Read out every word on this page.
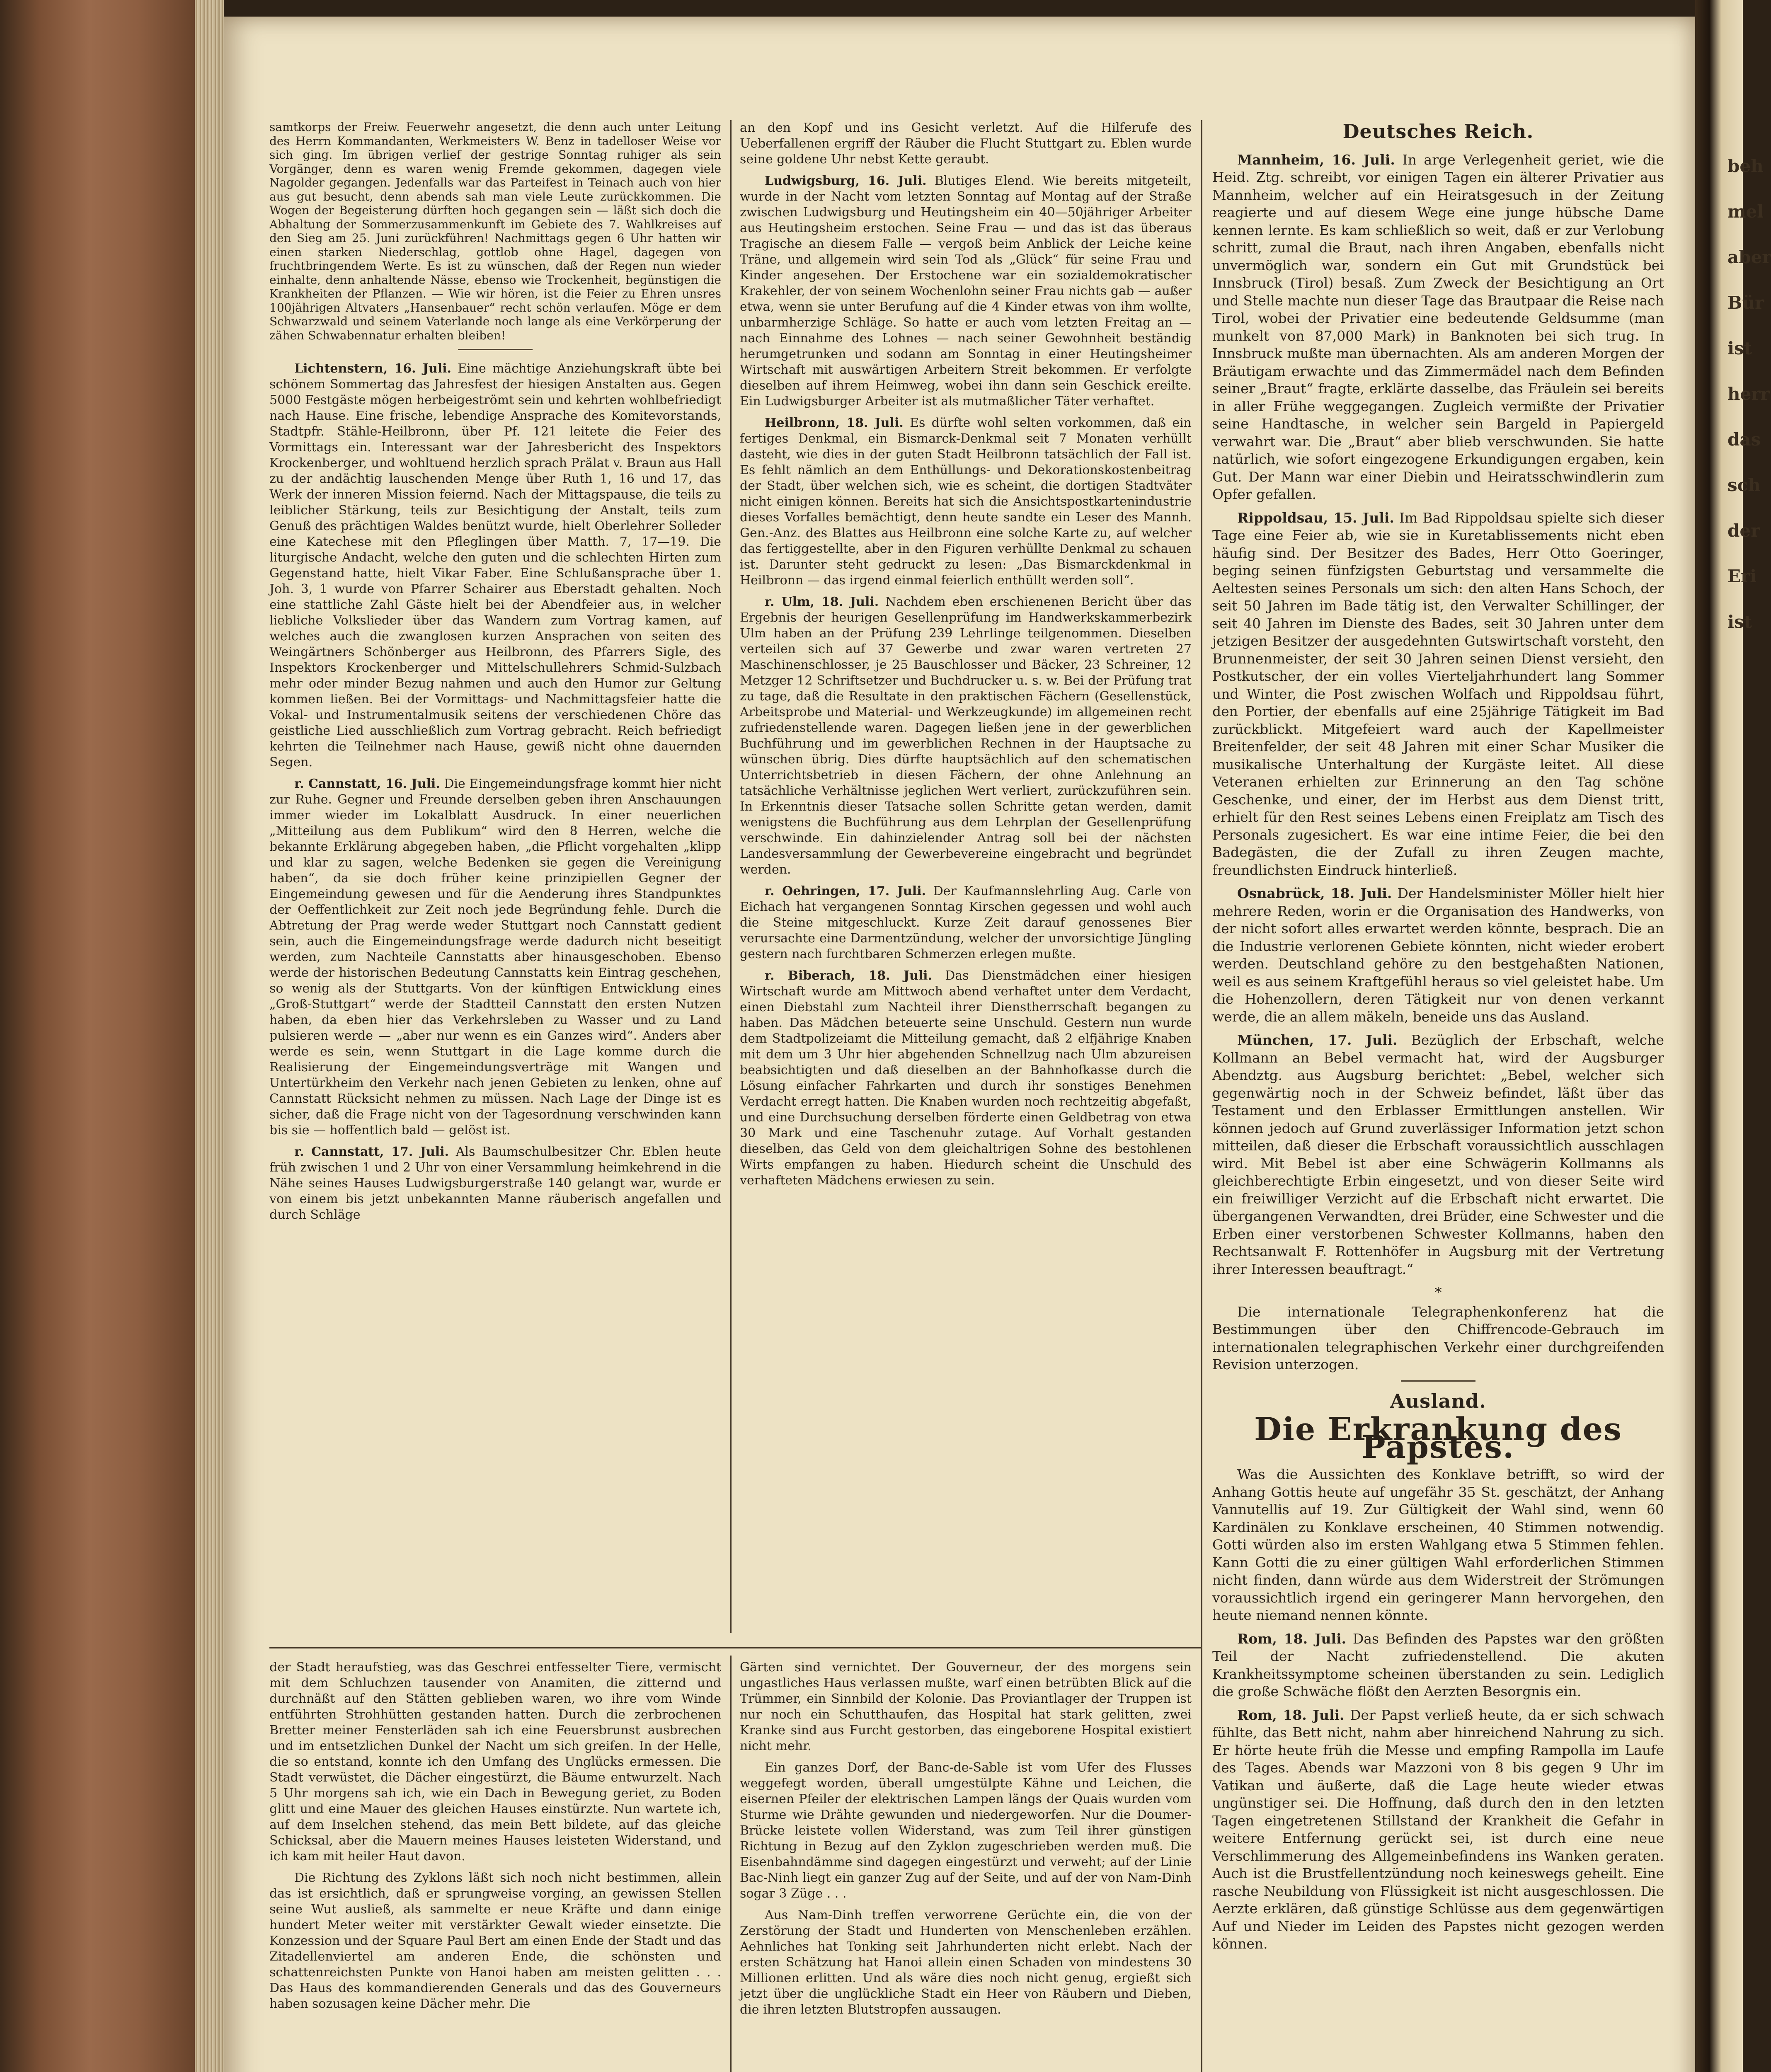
beh
mel
aber
Bür
ist
herr
das
sch
der
Eri
ist

samtkorps der Freiw. Feuerwehr angesetzt, die denn auch unter Leitung des Herrn Kommandanten, Werkmeisters W. Benz in tadelloser Weise vor sich ging. Im übrigen verlief der gestrige Sonntag ruhiger als sein Vorgänger, denn es waren wenig Fremde gekommen, dagegen viele Nagolder gegangen. Jedenfalls war das Parteifest in Teinach auch von hier aus gut besucht, denn abends sah man viele Leute zurückkommen. Die Wogen der Begeisterung dürften hoch gegangen sein — läßt sich doch die Abhaltung der Sommerzusammenkunft im Gebiete des 7. Wahlkreises auf den Sieg am 25. Juni zurückführen! Nachmittags gegen 6 Uhr hatten wir einen starken Niederschlag, gottlob ohne Hagel, dagegen von fruchtbringendem Werte. Es ist zu wünschen, daß der Regen nun wieder einhalte, denn anhaltende Nässe, ebenso wie Trockenheit, begünstigen die Krankheiten der Pflanzen. — Wie wir hören, ist die Feier zu Ehren unsres 100jährigen Altvaters „Hansenbauer“ recht schön verlaufen. Möge er dem Schwarzwald und seinem Vaterlande noch lange als eine Verkörperung der zähen Schwabennatur erhalten bleiben!

Lichtenstern, 16. Juli. Eine mächtige Anziehungskraft übte bei schönem Sommertag das Jahresfest der hiesigen Anstalten aus. Gegen 5000 Festgäste mögen herbeigeströmt sein und kehrten wohlbefriedigt nach Hause. Eine frische, lebendige Ansprache des Komitevorstands, Stadtpfr. Stähle-Heilbronn, über Pf. 121 leitete die Feier des Vormittags ein. Interessant war der Jahresbericht des Inspektors Krockenberger, und wohltuend herzlich sprach Prälat v. Braun aus Hall zu der andächtig lauschenden Menge über Ruth 1, 16 und 17, das Werk der inneren Mission feiernd. Nach der Mittagspause, die teils zu leiblicher Stärkung, teils zur Besichtigung der Anstalt, teils zum Genuß des prächtigen Waldes benützt wurde, hielt Oberlehrer Solleder eine Katechese mit den Pfleglingen über Matth. 7, 17—19. Die liturgische Andacht, welche den guten und die schlechten Hirten zum Gegenstand hatte, hielt Vikar Faber. Eine Schlußansprache über 1. Joh. 3, 1 wurde von Pfarrer Schairer aus Eberstadt gehalten. Noch eine stattliche Zahl Gäste hielt bei der Abendfeier aus, in welcher liebliche Volkslieder über das Wandern zum Vortrag kamen, auf welches auch die zwanglosen kurzen Ansprachen von seiten des Weingärtners Schönberger aus Heilbronn, des Pfarrers Sigle, des Inspektors Krockenberger und Mittelschullehrers Schmid-Sulzbach mehr oder minder Bezug nahmen und auch den Humor zur Geltung kommen ließen. Bei der Vormittags- und Nachmittagsfeier hatte die Vokal- und Instrumentalmusik seitens der verschiedenen Chöre das geistliche Lied ausschließlich zum Vortrag gebracht. Reich befriedigt kehrten die Teilnehmer nach Hause, gewiß nicht ohne dauernden Segen.

r. Cannstatt, 16. Juli. Die Eingemeindungsfrage kommt hier nicht zur Ruhe. Gegner und Freunde derselben geben ihren Anschauungen immer wieder im Lokalblatt Ausdruck. In einer neuerlichen „Mitteilung aus dem Publikum“ wird den 8 Herren, welche die bekannte Erklärung abgegeben haben, „die Pflicht vorgehalten „klipp und klar zu sagen, welche Bedenken sie gegen die Vereinigung haben“, da sie doch früher keine prinzipiellen Gegner der Eingemeindung gewesen und für die Aenderung ihres Standpunktes der Oeffentlichkeit zur Zeit noch jede Begründung fehle. Durch die Abtretung der Prag werde weder Stuttgart noch Cannstatt gedient sein, auch die Eingemeindungsfrage werde dadurch nicht beseitigt werden, zum Nachteile Cannstatts aber hinausgeschoben. Ebenso werde der historischen Bedeutung Cannstatts kein Eintrag geschehen, so wenig als der Stuttgarts. Von der künftigen Entwicklung eines „Groß-Stuttgart“ werde der Stadtteil Cannstatt den ersten Nutzen haben, da eben hier das Verkehrsleben zu Wasser und zu Land pulsieren werde — „aber nur wenn es ein Ganzes wird“. Anders aber werde es sein, wenn Stuttgart in die Lage komme durch die Realisierung der Eingemeindungsverträge mit Wangen und Untertürkheim den Verkehr nach jenen Gebieten zu lenken, ohne auf Cannstatt Rücksicht nehmen zu müssen. Nach Lage der Dinge ist es sicher, daß die Frage nicht von der Tagesordnung verschwinden kann bis sie — hoffentlich bald — gelöst ist.

r. Cannstatt, 17. Juli. Als Baumschulbesitzer Chr. Eblen heute früh zwischen 1 und 2 Uhr von einer Versammlung heimkehrend in die Nähe seines Hauses Ludwigsburgerstraße 140 gelangt war, wurde er von einem bis jetzt unbekannten Manne räuberisch angefallen und durch Schläge

an den Kopf und ins Gesicht verletzt. Auf die Hilferufe des Ueberfallenen ergriff der Räuber die Flucht Stuttgart zu. Eblen wurde seine goldene Uhr nebst Kette geraubt.

Ludwigsburg, 16. Juli. Blutiges Elend. Wie bereits mitgeteilt, wurde in der Nacht vom letzten Sonntag auf Montag auf der Straße zwischen Ludwigsburg und Heutingsheim ein 40—50jähriger Arbeiter aus Heutingsheim erstochen. Seine Frau — und das ist das überaus Tragische an diesem Falle — vergoß beim Anblick der Leiche keine Träne, und allgemein wird sein Tod als „Glück“ für seine Frau und Kinder angesehen. Der Erstochene war ein sozialdemokratischer Krakehler, der von seinem Wochenlohn seiner Frau nichts gab — außer etwa, wenn sie unter Berufung auf die 4 Kinder etwas von ihm wollte, unbarmherzige Schläge. So hatte er auch vom letzten Freitag an — nach Einnahme des Lohnes — nach seiner Gewohnheit beständig herumgetrunken und sodann am Sonntag in einer Heutingsheimer Wirtschaft mit auswärtigen Arbeitern Streit bekommen. Er verfolgte dieselben auf ihrem Heimweg, wobei ihn dann sein Geschick ereilte. Ein Ludwigsburger Arbeiter ist als mutmaßlicher Täter verhaftet.

Heilbronn, 18. Juli. Es dürfte wohl selten vorkommen, daß ein fertiges Denkmal, ein Bismarck-Denkmal seit 7 Monaten verhüllt dasteht, wie dies in der guten Stadt Heilbronn tatsächlich der Fall ist. Es fehlt nämlich an dem Enthüllungs- und Dekorationskostenbeitrag der Stadt, über welchen sich, wie es scheint, die dortigen Stadtväter nicht einigen können. Bereits hat sich die Ansichtspostkartenindustrie dieses Vorfalles bemächtigt, denn heute sandte ein Leser des Mannh. Gen.-Anz. des Blattes aus Heilbronn eine solche Karte zu, auf welcher das fertiggestellte, aber in den Figuren verhüllte Denkmal zu schauen ist. Darunter steht gedruckt zu lesen: „Das Bismarckdenkmal in Heilbronn — das irgend einmal feierlich enthüllt werden soll“.

r. Ulm, 18. Juli. Nachdem eben erschienenen Bericht über das Ergebnis der heurigen Gesellenprüfung im Handwerkskammerbezirk Ulm haben an der Prüfung 239 Lehrlinge teilgenommen. Dieselben verteilen sich auf 37 Gewerbe und zwar waren vertreten 27 Maschinenschlosser, je 25 Bauschlosser und Bäcker, 23 Schreiner, 12 Metzger 12 Schriftsetzer und Buchdrucker u. s. w. Bei der Prüfung trat zu tage, daß die Resultate in den praktischen Fächern (Gesellenstück, Arbeitsprobe und Material- und Werkzeugkunde) im allgemeinen recht zufriedenstellende waren. Dagegen ließen jene in der gewerblichen Buchführung und im gewerblichen Rechnen in der Hauptsache zu wünschen übrig. Dies dürfte hauptsächlich auf den schematischen Unterrichtsbetrieb in diesen Fächern, der ohne Anlehnung an tatsächliche Verhältnisse jeglichen Wert verliert, zurückzuführen sein. In Erkenntnis dieser Tatsache sollen Schritte getan werden, damit wenigstens die Buchführung aus dem Lehrplan der Gesellenprüfung verschwinde. Ein dahinzielender Antrag soll bei der nächsten Landesversammlung der Gewerbevereine eingebracht und begründet werden.

r. Oehringen, 17. Juli. Der Kaufmannslehrling Aug. Carle von Eichach hat vergangenen Sonntag Kirschen gegessen und wohl auch die Steine mitgeschluckt. Kurze Zeit darauf genossenes Bier verursachte eine Darmentzündung, welcher der unvorsichtige Jüngling gestern nach furchtbaren Schmerzen erlegen mußte.

r. Biberach, 18. Juli. Das Dienstmädchen einer hiesigen Wirtschaft wurde am Mittwoch abend verhaftet unter dem Verdacht, einen Diebstahl zum Nachteil ihrer Dienstherrschaft begangen zu haben. Das Mädchen beteuerte seine Unschuld. Gestern nun wurde dem Stadtpolizeiamt die Mitteilung gemacht, daß 2 elfjährige Knaben mit dem um 3 Uhr hier abgehenden Schnellzug nach Ulm abzureisen beabsichtigten und daß dieselben an der Bahnhofkasse durch die Lösung einfacher Fahrkarten und durch ihr sonstiges Benehmen Verdacht erregt hatten. Die Knaben wurden noch rechtzeitig abgefaßt, und eine Durchsuchung derselben förderte einen Geldbetrag von etwa 30 Mark und eine Taschenuhr zutage. Auf Vorhalt gestanden dieselben, das Geld von dem gleichaltrigen Sohne des bestohlenen Wirts empfangen zu haben. Hiedurch scheint die Unschuld des verhafteten Mädchens erwiesen zu sein.

Deutsches Reich.

Mannheim, 16. Juli. In arge Verlegenheit geriet, wie die Heid. Ztg. schreibt, vor einigen Tagen ein älterer Privatier aus Mannheim, welcher auf ein Heiratsgesuch in der Zeitung reagierte und auf diesem Wege eine junge hübsche Dame kennen lernte. Es kam schließlich so weit, daß er zur Verlobung schritt, zumal die Braut, nach ihren Angaben, ebenfalls nicht unvermöglich war, sondern ein Gut mit Grundstück bei Innsbruck (Tirol) besaß. Zum Zweck der Besichtigung an Ort und Stelle machte nun dieser Tage das Brautpaar die Reise nach Tirol, wobei der Privatier eine bedeutende Geldsumme (man munkelt von 87,000 Mark) in Banknoten bei sich trug. In Innsbruck mußte man übernachten. Als am anderen Morgen der Bräutigam erwachte und das Zimmermädel nach dem Befinden seiner „Braut“ fragte, erklärte dasselbe, das Fräulein sei bereits in aller Frühe weggegangen. Zugleich vermißte der Privatier seine Handtasche, in welcher sein Bargeld in Papiergeld verwahrt war. Die „Braut“ aber blieb verschwunden. Sie hatte natürlich, wie sofort eingezogene Erkundigungen ergaben, kein Gut. Der Mann war einer Diebin und Heiratsschwindlerin zum Opfer gefallen.

Rippoldsau, 15. Juli. Im Bad Rippoldsau spielte sich dieser Tage eine Feier ab, wie sie in Kuretablissements nicht eben häufig sind. Der Besitzer des Bades, Herr Otto Goeringer, beging seinen fünfzigsten Geburtstag und versammelte die Aeltesten seines Personals um sich: den alten Hans Schoch, der seit 50 Jahren im Bade tätig ist, den Verwalter Schillinger, der seit 40 Jahren im Dienste des Bades, seit 30 Jahren unter dem jetzigen Besitzer der ausgedehnten Gutswirtschaft vorsteht, den Brunnenmeister, der seit 30 Jahren seinen Dienst versieht, den Postkutscher, der ein volles Vierteljahrhundert lang Sommer und Winter, die Post zwischen Wolfach und Rippoldsau führt, den Portier, der ebenfalls auf eine 25jährige Tätigkeit im Bad zurückblickt. Mitgefeiert ward auch der Kapellmeister Breitenfelder, der seit 48 Jahren mit einer Schar Musiker die musikalische Unterhaltung der Kurgäste leitet. All diese Veteranen erhielten zur Erinnerung an den Tag schöne Geschenke, und einer, der im Herbst aus dem Dienst tritt, erhielt für den Rest seines Lebens einen Freiplatz am Tisch des Personals zugesichert. Es war eine intime Feier, die bei den Badegästen, die der Zufall zu ihren Zeugen machte, freundlichsten Eindruck hinterließ.

Osnabrück, 18. Juli. Der Handelsminister Möller hielt hier mehrere Reden, worin er die Organisation des Handwerks, von der nicht sofort alles erwartet werden könnte, besprach. Die an die Industrie verlorenen Gebiete könnten, nicht wieder erobert werden. Deutschland gehöre zu den bestgehaßten Nationen, weil es aus seinem Kraftgefühl heraus so viel geleistet habe. Um die Hohenzollern, deren Tätigkeit nur von denen verkannt werde, die an allem mäkeln, beneide uns das Ausland.

München, 17. Juli. Bezüglich der Erbschaft, welche Kollmann an Bebel vermacht hat, wird der Augsburger Abendztg. aus Augsburg berichtet: „Bebel, welcher sich gegenwärtig noch in der Schweiz befindet, läßt über das Testament und den Erblasser Ermittlungen anstellen. Wir können jedoch auf Grund zuverlässiger Information jetzt schon mitteilen, daß dieser die Erbschaft voraussichtlich ausschlagen wird. Mit Bebel ist aber eine Schwägerin Kollmanns als gleichberechtigte Erbin eingesetzt, und von dieser Seite wird ein freiwilliger Verzicht auf die Erbschaft nicht erwartet. Die übergangenen Verwandten, drei Brüder, eine Schwester und die Erben einer verstorbenen Schwester Kollmanns, haben den Rechtsanwalt F. Rottenhöfer in Augsburg mit der Vertretung ihrer Interessen beauftragt.“

*

Die internationale Telegraphenkonferenz hat die Bestimmungen über den Chiffrencode-Gebrauch im internationalen telegraphischen Verkehr einer durchgreifenden Revision unterzogen.

Ausland.
Die Erkrankung des Papstes.

Was die Aussichten des Konklave betrifft, so wird der Anhang Gottis heute auf ungefähr 35 St. geschätzt, der Anhang Vannutellis auf 19. Zur Gültigkeit der Wahl sind, wenn 60 Kardinälen zu Konklave erscheinen, 40 Stimmen notwendig. Gotti würden also im ersten Wahlgang etwa 5 Stimmen fehlen. Kann Gotti die zu einer gültigen Wahl erforderlichen Stimmen nicht finden, dann würde aus dem Widerstreit der Strömungen voraussichtlich irgend ein geringerer Mann hervorgehen, den heute niemand nennen könnte.

Rom, 18. Juli. Das Befinden des Papstes war den größten Teil der Nacht zufriedenstellend. Die akuten Krankheitssymptome scheinen überstanden zu sein. Lediglich die große Schwäche flößt den Aerzten Besorgnis ein.

Rom, 18. Juli. Der Papst verließ heute, da er sich schwach fühlte, das Bett nicht, nahm aber hinreichend Nahrung zu sich. Er hörte heute früh die Messe und empfing Rampolla im Laufe des Tages. Abends war Mazzoni von 8 bis gegen 9 Uhr im Vatikan und äußerte, daß die Lage heute wieder etwas ungünstiger sei. Die Hoffnung, daß durch den in den letzten Tagen eingetretenen Stillstand der Krankheit die Gefahr in weitere Entfernung gerückt sei, ist durch eine neue Verschlimmerung des Allgemeinbefindens ins Wanken geraten. Auch ist die Brustfellentzündung noch keineswegs geheilt. Eine rasche Neubildung von Flüssigkeit ist nicht ausgeschlossen. Die Aerzte erklären, daß günstige Schlüsse aus dem gegenwärtigen Auf und Nieder im Leiden des Papstes nicht gezogen werden können.

der Stadt heraufstieg, was das Geschrei entfesselter Tiere, vermischt mit dem Schluchzen tausender von Anamiten, die zitternd und durchnäßt auf den Stätten geblieben waren, wo ihre vom Winde entführten Strohhütten gestanden hatten. Durch die zerbrochenen Bretter meiner Fensterläden sah ich eine Feuersbrunst ausbrechen und im entsetzlichen Dunkel der Nacht um sich greifen. In der Helle, die so entstand, konnte ich den Umfang des Unglücks ermessen. Die Stadt verwüstet, die Dächer eingestürzt, die Bäume entwurzelt. Nach 5 Uhr morgens sah ich, wie ein Dach in Bewegung geriet, zu Boden glitt und eine Mauer des gleichen Hauses einstürzte. Nun wartete ich, auf dem Inselchen stehend, das mein Bett bildete, auf das gleiche Schicksal, aber die Mauern meines Hauses leisteten Widerstand, und ich kam mit heiler Haut davon.

Die Richtung des Zyklons läßt sich noch nicht bestimmen, allein das ist ersichtlich, daß er sprungweise vorging, an gewissen Stellen seine Wut ausließ, als sammelte er neue Kräfte und dann einige hundert Meter weiter mit verstärkter Gewalt wieder einsetzte. Die Konzession und der Square Paul Bert am einen Ende der Stadt und das Zitadellenviertel am anderen Ende, die schönsten und schattenreichsten Punkte von Hanoi haben am meisten gelitten . . . Das Haus des kommandierenden Generals und das des Gouverneurs haben sozusagen keine Dächer mehr. Die

Gärten sind vernichtet. Der Gouverneur, der des morgens sein ungastliches Haus verlassen mußte, warf einen betrübten Blick auf die Trümmer, ein Sinnbild der Kolonie. Das Proviantlager der Truppen ist nur noch ein Schutthaufen, das Hospital hat stark gelitten, zwei Kranke sind aus Furcht gestorben, das eingeborene Hospital existiert nicht mehr.

Ein ganzes Dorf, der Banc-de-Sable ist vom Ufer des Flusses weggefegt worden, überall umgestülpte Kähne und Leichen, die eisernen Pfeiler der elektrischen Lampen längs der Quais wurden vom Sturme wie Drähte gewunden und niedergeworfen. Nur die Doumer-Brücke leistete vollen Widerstand, was zum Teil ihrer günstigen Richtung in Bezug auf den Zyklon zugeschrieben werden muß. Die Eisenbahndämme sind dagegen eingestürzt und verweht; auf der Linie Bac-Ninh liegt ein ganzer Zug auf der Seite, und auf der von Nam-Dinh sogar 3 Züge . . .

Aus Nam-Dinh treffen verworrene Gerüchte ein, die von der Zerstörung der Stadt und Hunderten von Menschenleben erzählen. Aehnliches hat Tonking seit Jahrhunderten nicht erlebt. Nach der ersten Schätzung hat Hanoi allein einen Schaden von mindestens 30 Millionen erlitten. Und als wäre dies noch nicht genug, ergießt sich jetzt über die unglückliche Stadt ein Heer von Räubern und Dieben, die ihren letzten Blutstropfen aussaugen.
